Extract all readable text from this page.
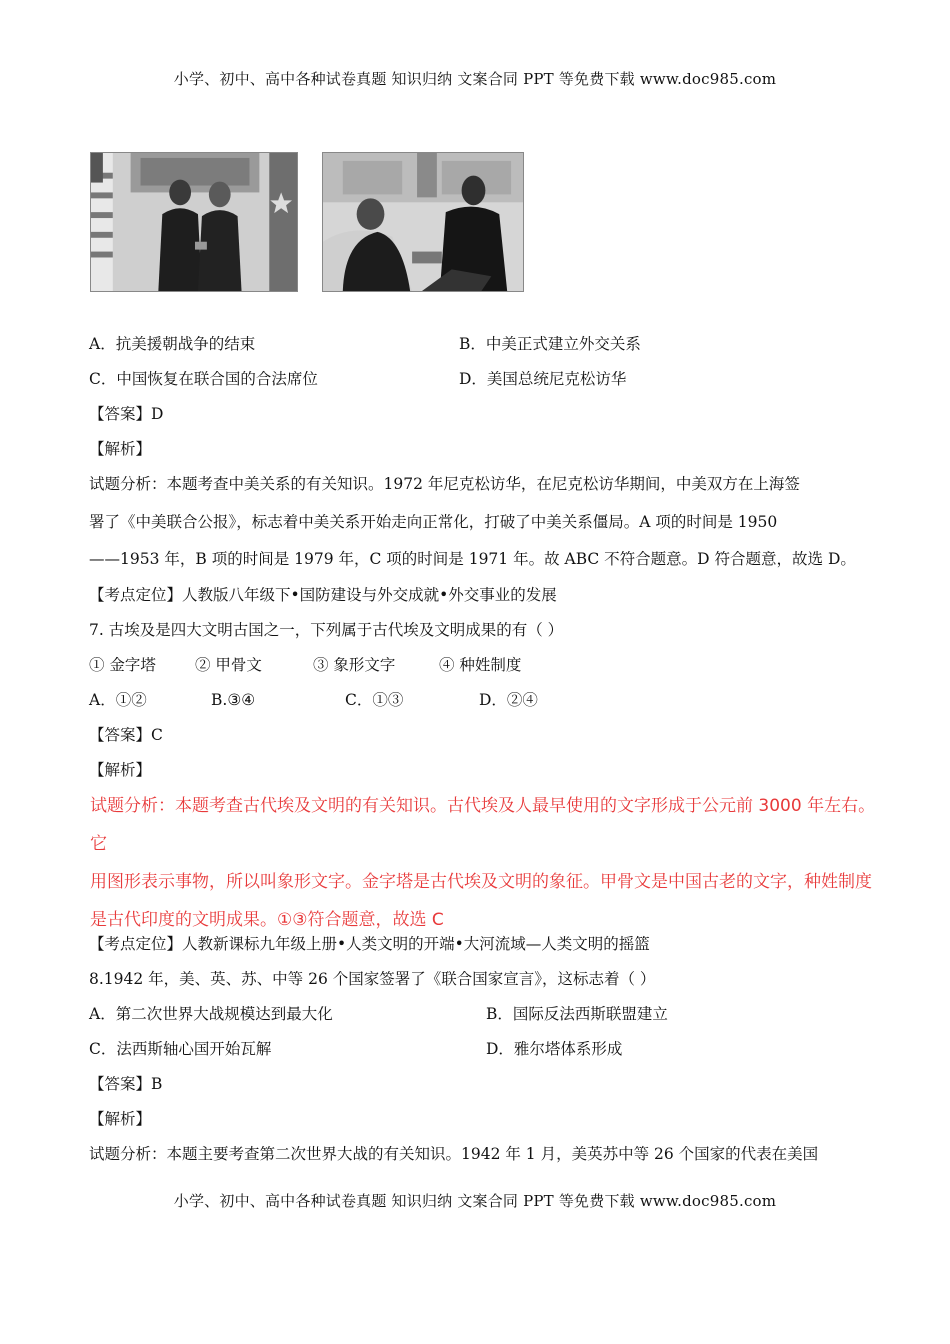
小学、初中、高中各种试卷真题 知识归纳 文案合同 PPT 等免费下载 www.doc985.com
A．抗美援朝战争的结束	B．中美正式建立外交关系
C．中国恢复在联合国的合法席位	D．美国总统尼克松访华
【答案】D
【解析】
试题分析：本题考查中美关系的有关知识。1972 年尼克松访华，在尼克松访华期间，中美双方在上海签
署了《中美联合公报》，标志着中美关系开始走向正常化，打破了中美关系僵局。A 项的时间是 1950
——1953 年，B 项的时间是 1979 年，C 项的时间是 1971 年。故 ABC 不符合题意。D 符合题意，故选 D。
【考点定位】人教版八年级下•国防建设与外交成就•外交事业的发展
7. 古埃及是四大文明古国之一，下列属于古代埃及文明成果的有（ ）
① 金字塔	② 甲骨文	③ 象形文字	④ 种姓制度
A．①②	B.③④	C．①③	D．②④
【答案】C
【解析】
试题分析：本题考查古代埃及文明的有关知识。古代埃及人最早使用的文字形成于公元前 3000 年左右。它
用图形表示事物，所以叫象形文字。金字塔是古代埃及文明的象征。甲骨文是中国古老的文字，种姓制度
是古代印度的文明成果。①③符合题意，故选 C
【考点定位】人教新课标九年级上册•人类文明的开端•大河流域—人类文明的摇篮
8.1942 年，美、英、苏、中等 26 个国家签署了《联合国家宣言》，这标志着（ ）
A．第二次世界大战规模达到最大化	B．国际反法西斯联盟建立
C．法西斯轴心国开始瓦解	D．雅尔塔体系形成
【答案】B
【解析】
试题分析：本题主要考查第二次世界大战的有关知识。1942 年 1 月，美英苏中等 26 个国家的代表在美国
小学、初中、高中各种试卷真题 知识归纳 文案合同 PPT 等免费下载 www.doc985.com
